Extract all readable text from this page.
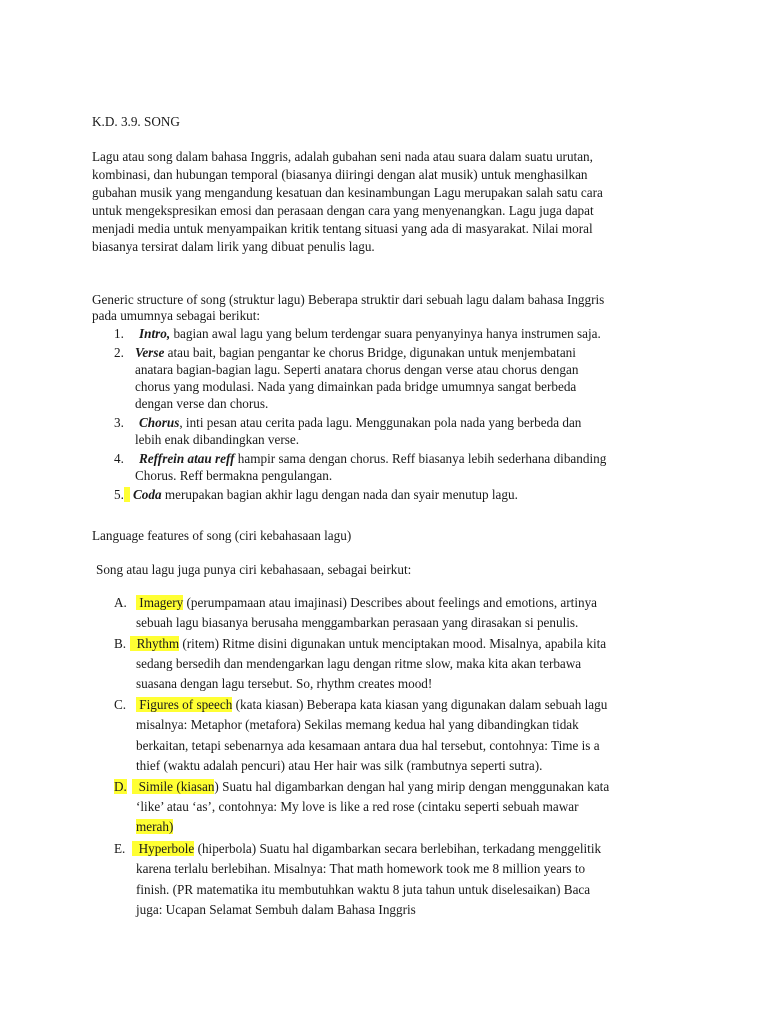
K.D. 3.9. SONG
Lagu atau song dalam bahasa Inggris, adalah gubahan seni nada atau suara dalam suatu urutan,
kombinasi, dan hubungan temporal (biasanya diiringi dengan alat musik) untuk menghasilkan
gubahan musik yang mengandung kesatuan dan kesinambungan Lagu merupakan salah satu cara
untuk mengekspresikan emosi dan perasaan dengan cara yang menyenangkan. Lagu juga dapat
menjadi media untuk menyampaikan kritik tentang situasi yang ada di masyarakat. Nilai moral
biasanya tersirat dalam lirik yang dibuat penulis lagu.
Generic structure of song (struktur lagu) Beberapa struktir dari sebuah lagu dalam bahasa Inggris
pada umumnya sebagai berikut:
1. Intro, bagian awal lagu yang belum terdengar suara penyanyinya hanya instrumen saja.
2. Verse atau bait, bagian pengantar ke chorus Bridge, digunakan untuk menjembatani
anatara bagian-bagian lagu. Seperti anatara chorus dengan verse atau chorus dengan
chorus yang modulasi. Nada yang dimainkan pada bridge umumnya sangat berbeda
dengan verse dan chorus.
3. Chorus, inti pesan atau cerita pada lagu. Menggunakan pola nada yang berbeda dan
lebih enak dibandingkan verse.
4. Reffrein atau reff hampir sama dengan chorus. Reff biasanya lebih sederhana dibanding
Chorus. Reff bermakna pengulangan.
5. Coda merupakan bagian akhir lagu dengan nada dan syair menutup lagu.
Language features of song (ciri kebahasaan lagu)
Song atau lagu juga punya ciri kebahasaan, sebagai beirkut:
A. Imagery (perumpamaan atau imajinasi) Describes about feelings and emotions, artinya
sebuah lagu biasanya berusaha menggambarkan perasaan yang dirasakan si penulis.
B. Rhythm (ritem) Ritme disini digunakan untuk menciptakan mood. Misalnya, apabila kita
sedang bersedih dan mendengarkan lagu dengan ritme slow, maka kita akan terbawa
suasana dengan lagu tersebut. So, rhythm creates mood!
C. Figures of speech (kata kiasan) Beberapa kata kiasan yang digunakan dalam sebuah lagu
misalnya: Metaphor (metafora) Sekilas memang kedua hal yang dibandingkan tidak
berkaitan, tetapi sebenarnya ada kesamaan antara dua hal tersebut, contohnya: Time is a
thief (waktu adalah pencuri) atau Her hair was silk (rambutnya seperti sutra).
D. Simile (kiasan) Suatu hal digambarkan dengan hal yang mirip dengan menggunakan kata
‘like’ atau ‘as’, contohnya: My love is like a red rose (cintaku seperti sebuah mawar
merah)
E.	Hyperbole (hiperbola) Suatu hal digambarkan secara berlebihan, terkadang menggelitik
karena terlalu berlebihan. Misalnya: That math homework took me 8 million years to
finish. (PR matematika itu membutuhkan waktu 8 juta tahun untuk diselesaikan) Baca
juga: Ucapan Selamat Sembuh dalam Bahasa Inggris
